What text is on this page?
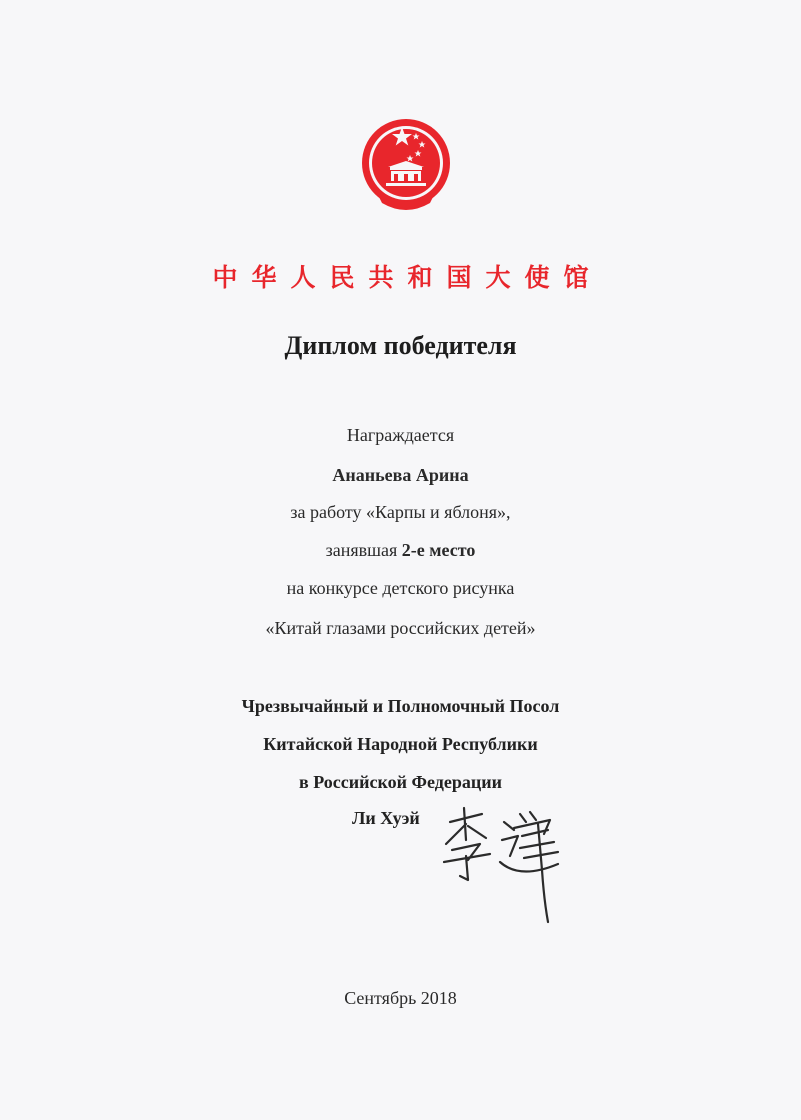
中华人民共和国大使馆
Диплом победителя
Награждается
Ананьева Арина
за работу «Карпы и яблоня»,
занявшая 2-е место
на конкурсе детского рисунка
«Китай глазами российских детей»
Чрезвычайный и Полномочный Посол
Китайской Народной Республики
в Российской Федерации
Ли Хуэй
Сентябрь 2018
